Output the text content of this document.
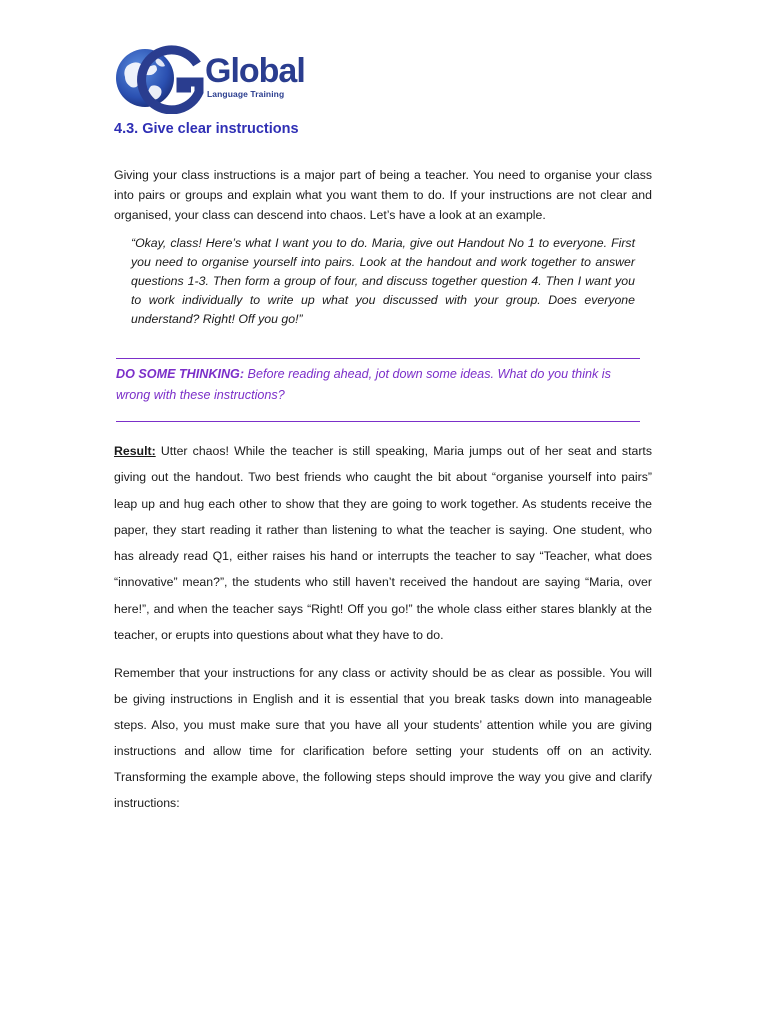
Global
Language Training
4.3. Give clear instructions
Giving your class instructions is a major part of being a teacher. You need to organise your class into pairs or groups and explain what you want them to do. If your instructions are not clear and organised, your class can descend into chaos. Let’s have a look at an example.
“Okay, class! Here’s what I want you to do. Maria, give out Handout No 1 to everyone. First you need to organise yourself into pairs. Look at the handout and work together to answer questions 1-3. Then form a group of four, and discuss together question 4. Then I want you to work individually to write up what you discussed with your group. Does everyone understand? Right! Off you go!”
DO SOME THINKING: Before reading ahead, jot down some ideas. What do you think is wrong with these instructions?
Result: Utter chaos! While the teacher is still speaking, Maria jumps out of her seat and starts giving out the handout. Two best friends who caught the bit about “organise yourself into pairs” leap up and hug each other to show that they are going to work together. As students receive the paper, they start reading it rather than listening to what the teacher is saying. One student, who has already read Q1, either raises his hand or interrupts the teacher to say “Teacher, what does “innovative” mean?”, the students who still haven’t received the handout are saying “Maria, over here!”, and when the teacher says “Right! Off you go!” the whole class either stares blankly at the teacher, or erupts into questions about what they have to do.
Remember that your instructions for any class or activity should be as clear as possible. You will be giving instructions in English and it is essential that you break tasks down into manageable steps. Also, you must make sure that you have all your students’ attention while you are giving instructions and allow time for clarification before setting your students off on an activity. Transforming the example above, the following steps should improve the way you give and clarify instructions:
